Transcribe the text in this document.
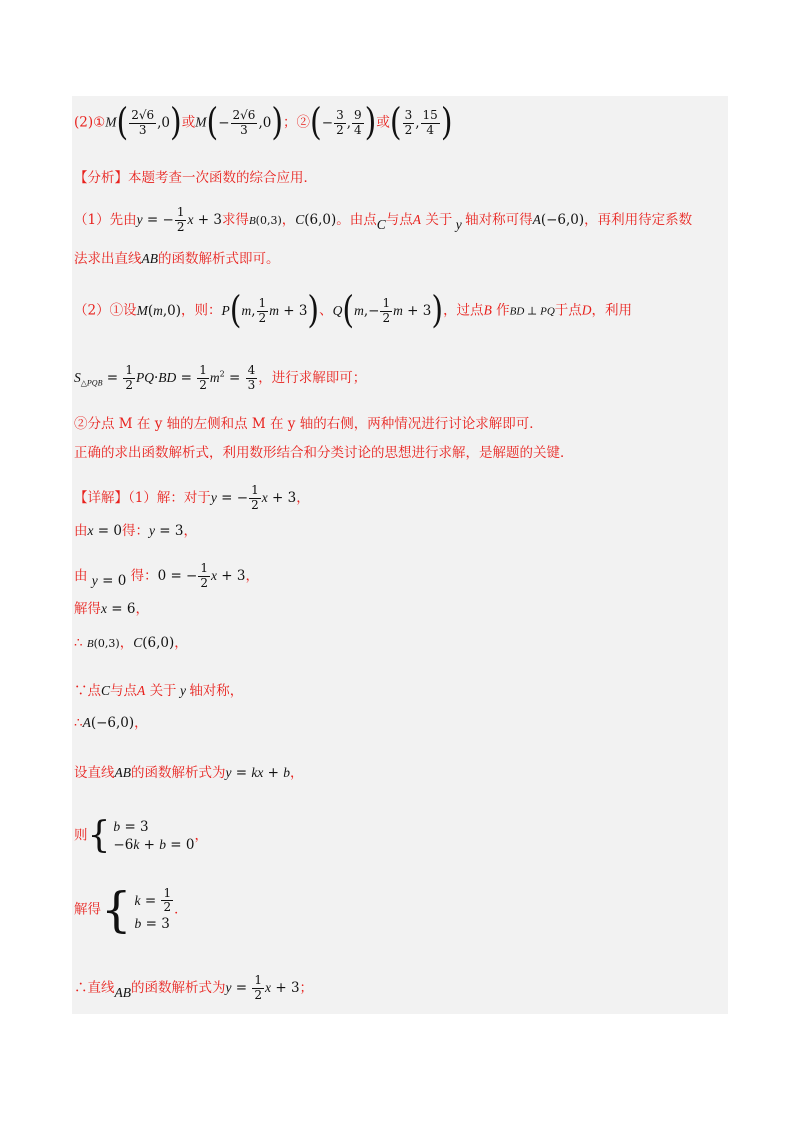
(2)①M( $\frac{2√6}{3} ,0$)或$M(- \frac{2√6}{3} ,0)$；②(− $\frac{3}{2}$ , $\frac{9}{4}$ )或( $\frac{3}{2}$ , $\frac{15}{4}$ )
【分析】本题考查一次函数的综合应用．
（1）先由y = − $\frac{1}{2}$ x + 3求得B(0,3)，C(6,0)。由点C与点A 关于 y 轴对称可得A(−6,0)，再利用待定系数
法求出直线AB的函数解析式即可。
（2）①设M(m,0)，则：P(m, $\frac{1}{2}$ m + 3)、$Q(m,- \frac{1}{2}$ m + 3)，过点B 作BD ⊥ PQ于点D，利用
$S_{\triangle PQB} = \frac{1}{2} PQ\cdot BD = \frac{1}{2} m^2 = \frac{4}{3}$ ，进行求解即可；
②分点 M 在 y 轴的左侧和点 M 在 y 轴的右侧，两种情况进行讨论求解即可．
正确的求出函数解析式，利用数形结合和分类讨论的思想进行求解，是解题的关键．
【详解】（1）解：对于y = − $\frac{1}{2}$ x + 3，
由x = 0得：y = 3，
由 y = 0 得：0 = − $\frac{1}{2}$ x + 3，
解得x = 6，
∴ B(0,3)，C(6,0)，
∵点C与点A 关于 y 轴对称，
∴A(−6,0)，
设直线AB的函数解析式为y = kx + b，
则 { b = 3
−6k + b = 0
，
解得 { $k = \frac{1}{2}$
b = 3
．
∴直线AB的函数解析式为$y = \frac{1}{2}$ x + 3；
